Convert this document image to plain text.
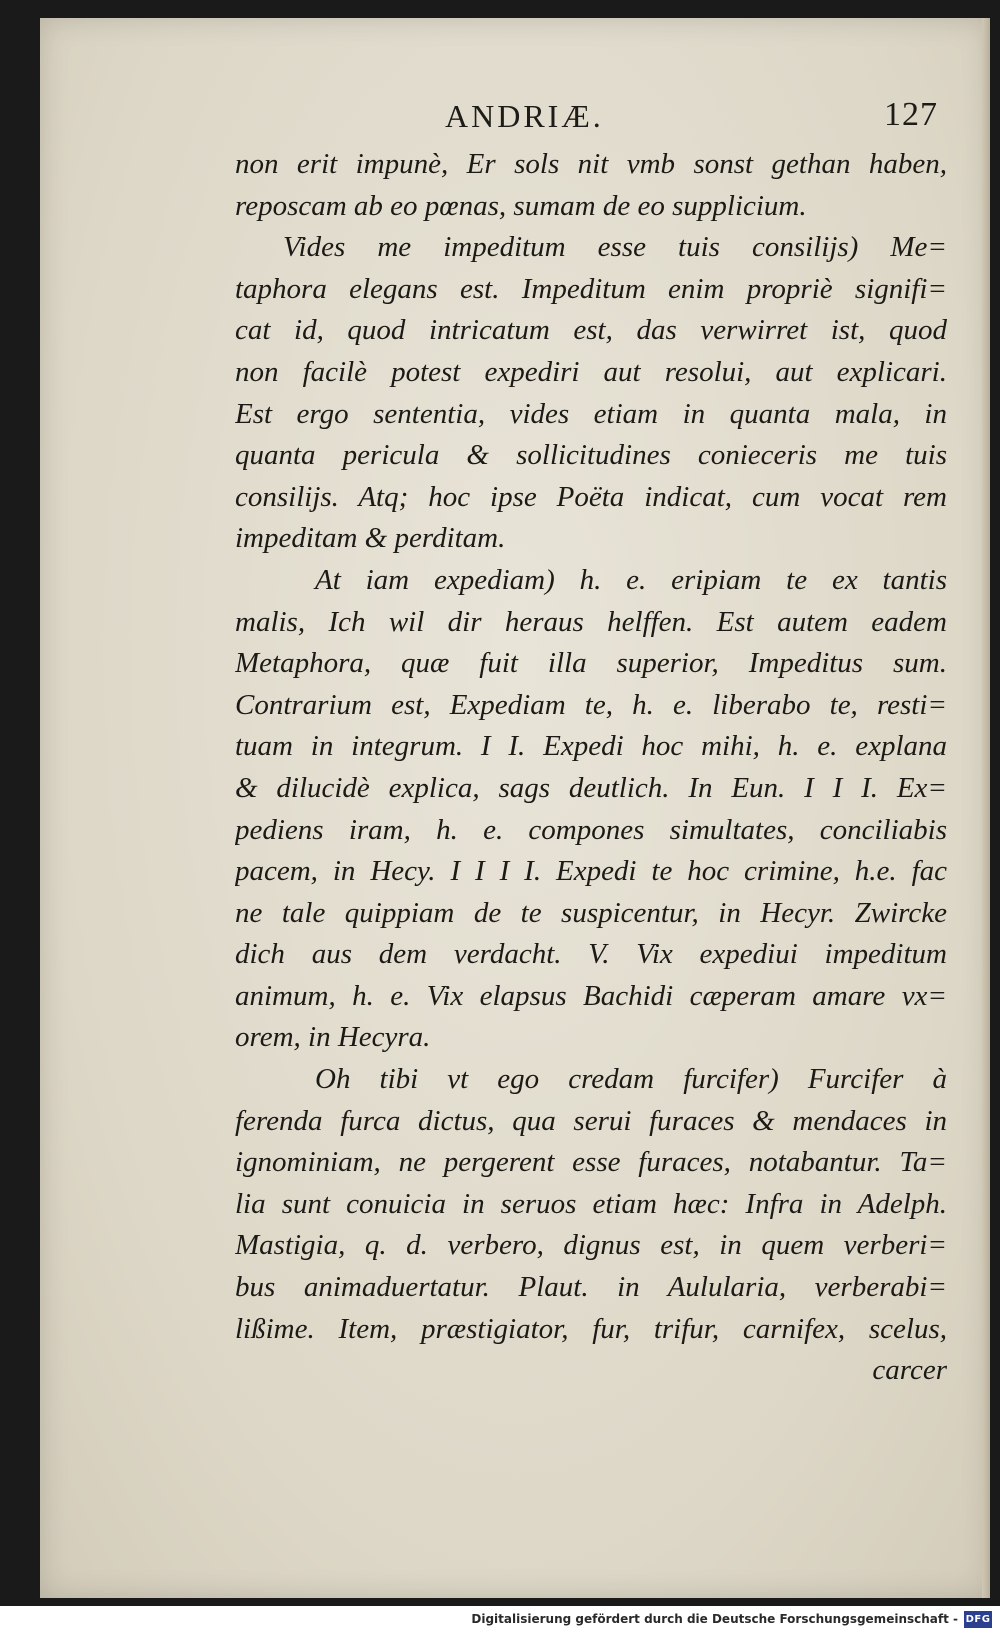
ANDRIÆ.	127
non erit impunè, Er sols nit vmb sonst gethan haben,
reposcam ab eo pœnas, sumam de eo supplicium.
Vides me impeditum esse tuis consilijs) Me=
taphora elegans est. Impeditum enim propriè signifi=
cat id, quod intricatum est, das verwirret ist, quod
non facilè potest expediri aut resolui, aut explicari.
Est ergo sententia, vides etiam in quanta mala, in
quanta pericula & sollicitudines conieceris me tuis
consilijs. Atq; hoc ipse Poëta indicat, cum vocat rem
impeditam & perditam.
At iam expediam) h. e. eripiam te ex tantis
malis, Ich wil dir heraus helffen. Est autem eadem
Metaphora, quæ fuit illa superior, Impeditus sum.
Contrarium est, Expediam te, h. e. liberabo te, resti=
tuam in integrum. I I. Expedi hoc mihi, h. e. explana
& dilucidè explica, sags deutlich. In Eun. I I I. Ex=
pediens iram, h. e. compones simultates, conciliabis
pacem, in Hecy. I I I I. Expedi te hoc crimine, h.e. fac
ne tale quippiam de te suspicentur, in Hecyr. Zwircke
dich aus dem verdacht. V. Vix expediui impeditum
animum, h. e. Vix elapsus Bachidi cæperam amare vx=
orem, in Hecyra.
Oh tibi vt ego credam furcifer) Furcifer à
ferenda furca dictus, qua serui furaces & mendaces in
ignominiam, ne pergerent esse furaces, notabantur. Ta=
lia sunt conuicia in seruos etiam hæc: Infra in Adelph.
Mastigia, q. d. verbero, dignus est, in quem verberi=
bus animaduertatur. Plaut. in Aulularia, verberabi=
lißime. Item, præstigiator, fur, trifur, carnifex, scelus,
carcer
Digitalisierung gefördert durch die Deutsche Forschungsgemeinschaft - DFG
